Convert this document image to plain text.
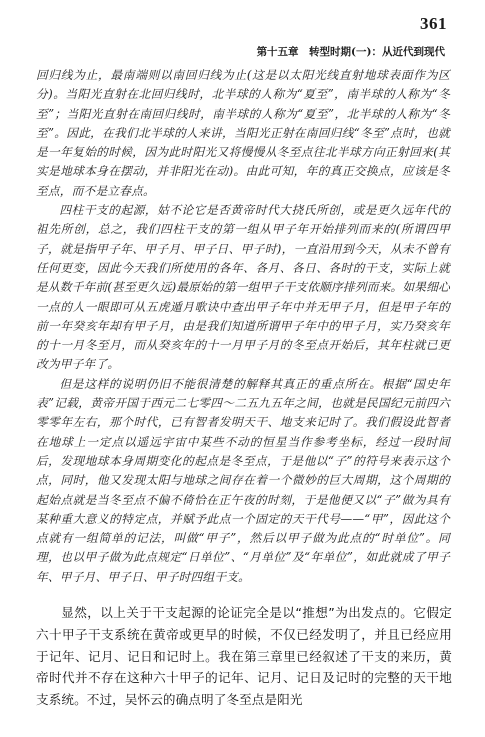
361
第十五章　转型时期(一)：从近代到现代

回归线为止，最南端则以南回归线为止(这是以太阳光线直射地球表面作为区分)。当阳光直射在北回归线时，北半球的人称为“夏至”，南半球的人称为“冬至”；当阳光直射在南回归线时，南半球的人称为“夏至”，北半球的人称为“冬至”。因此，在我们北半球的人来讲，当阳光正射在南回归线“冬至”点时，也就是一年复始的时候，因为此时阳光又将慢慢从冬至点往北半球方向正射回来(其实是地球本身在摆动，并非阳光在动)。由此可知，年的真正交换点，应该是冬至点，而不是立春点。

四柱干支的起源，姑不论它是否黄帝时代大挠氏所创，或是更久远年代的祖先所创，总之，我们四柱干支的第一组从甲子年开始排列而来的(所谓四甲子，就是指甲子年、甲子月、甲子日、甲子时)，一直沿用到今天，从未不曾有任何更变，因此今天我们所使用的各年、各月、各日、各时的干支，实际上就是从数千年前(甚至更久远)最原始的第一组甲子干支依顺序排列而来。如果细心一点的人一眼即可从五虎遁月歌诀中查出甲子年中并无甲子月，但是甲子年的前一年癸亥年却有甲子月，由是我们知道所谓甲子年中的甲子月，实乃癸亥年的十一月冬至月，而从癸亥年的十一月甲子月的冬至点开始后，其年柱就已更改为甲子年了。

但是这样的说明仍旧不能很清楚的解释其真正的重点所在。根据“国史年表”记载，黄帝开国于西元二七零四～二五九五年之间，也就是民国纪元前四六零零年左右，那个时代，已有智者发明天干、地支来记时了。我们假设此智者在地球上一定点以遥远宇宙中某些不动的恒星当作参考坐标，经过一段时间后，发现地球本身周期变化的起点是冬至点，于是他以“子”的符号来表示这个点，同时，他又发现太阳与地球之间存在着一个微妙的巨大周期，这个周期的起始点就是当冬至点不偏不倚恰在正午夜的时刻，于是他便又以“子”做为具有某种重大意义的特定点，并赋予此点一个固定的天干代号——“甲”，因此这个点就有一组简单的记法，叫做“甲子”，然后以甲子做为此点的“时单位”。同理，也以甲子做为此点规定“日单位”、“月单位”及“年单位”，如此就成了甲子年、甲子月、甲子日、甲子时四组干支。

显然，以上关于干支起源的论证完全是以“推想”为出发点的。它假定六十甲子干支系统在黄帝或更早的时候，不仅已经发明了，并且已经应用于记年、记月、记日和记时上。我在第三章里已经叙述了干支的来历，黄帝时代并不存在这种六十甲子的记年、记月、记日及记时的完整的天干地支系统。不过，吴怀云的确点明了冬至点是阳光
